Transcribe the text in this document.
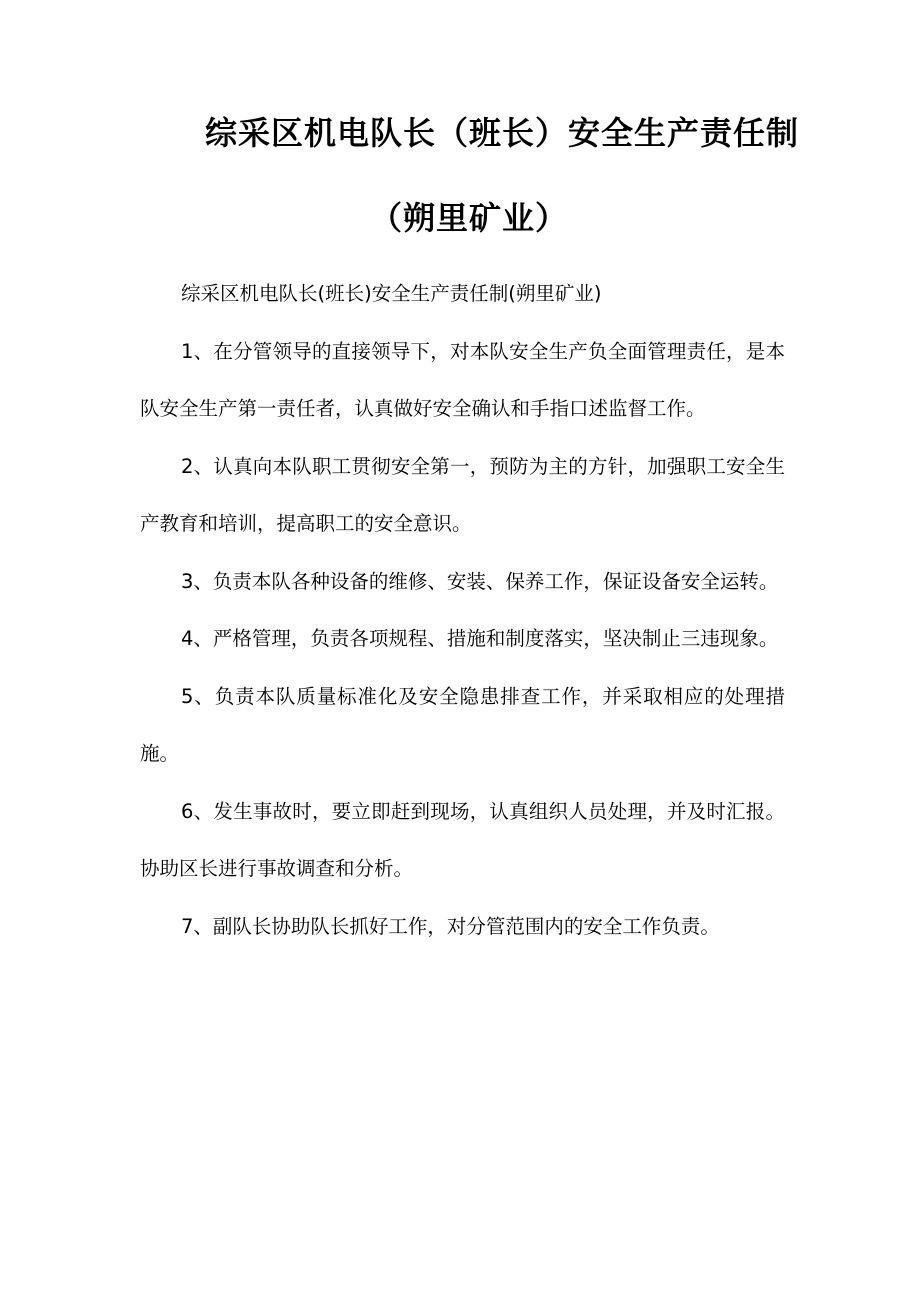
综采区机电队长（班长）安全生产责任制
（朔里矿业）

综采区机电队长(班长)安全生产责任制(朔里矿业)

1、在分管领导的直接领导下，对本队安全生产负全面管理责任，是本队安全生产第一责任者，认真做好安全确认和手指口述监督工作。

2、认真向本队职工贯彻安全第一，预防为主的方针，加强职工安全生产教育和培训，提高职工的安全意识。

3、负责本队各种设备的维修、安装、保养工作，保证设备安全运转。

4、严格管理，负责各项规程、措施和制度落实，坚决制止三违现象。

5、负责本队质量标准化及安全隐患排查工作，并采取相应的处理措施。

6、发生事故时，要立即赶到现场，认真组织人员处理，并及时汇报。协助区长进行事故调查和分析。

7、副队长协助队长抓好工作，对分管范围内的安全工作负责。
